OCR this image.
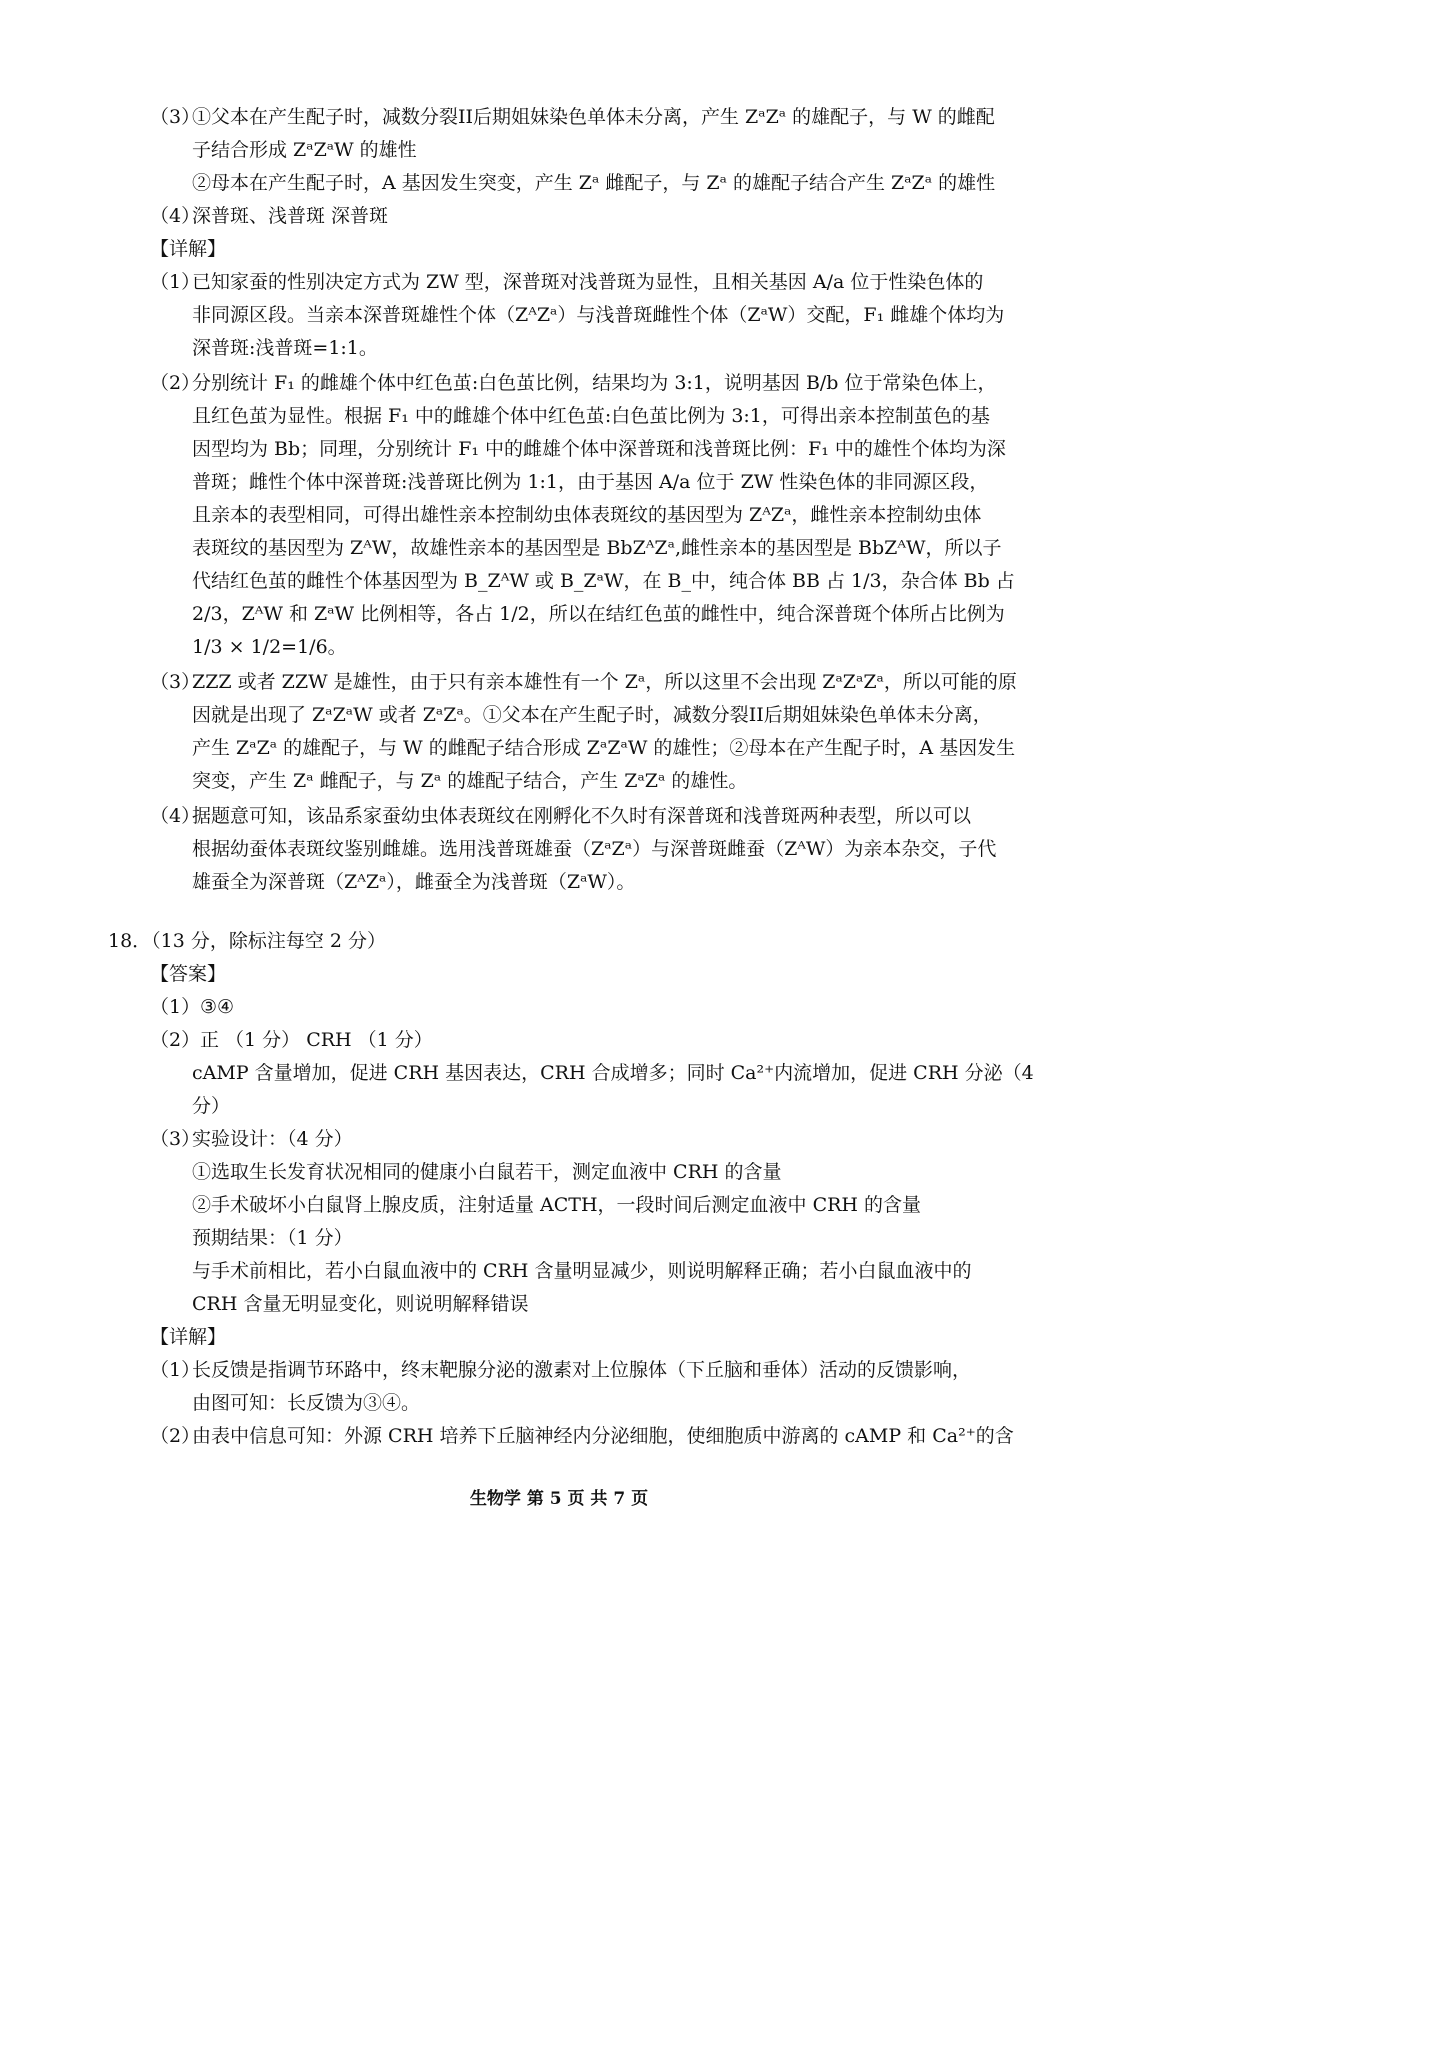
（3）
①父本在产生配子时，减数分裂II后期姐妹染色单体未分离，产生 ZᵃZᵃ 的雄配子，与 W 的雌配
子结合形成 ZᵃZᵃW 的雄性
②母本在产生配子时，A 基因发生突变，产生 Zᵃ 雌配子，与 Zᵃ 的雄配子结合产生 ZᵃZᵃ 的雄性
（4）
深普斑、浅普斑 深普斑
【详解】
（1）
已知家蚕的性别决定方式为 ZW 型，深普斑对浅普斑为显性，且相关基因 A/a 位于性染色体的
非同源区段。当亲本深普斑雄性个体（ZᴬZᵃ）与浅普斑雌性个体（ZᵃW）交配，F₁ 雌雄个体均为
深普斑:浅普斑=1:1。
（2）
分别统计 F₁ 的雌雄个体中红色茧:白色茧比例，结果均为 3:1，说明基因 B/b 位于常染色体上，
且红色茧为显性。根据 F₁ 中的雌雄个体中红色茧:白色茧比例为 3:1，可得出亲本控制茧色的基
因型均为 Bb；同理，分别统计 F₁ 中的雌雄个体中深普斑和浅普斑比例：F₁ 中的雄性个体均为深
普斑；雌性个体中深普斑:浅普斑比例为 1:1，由于基因 A/a 位于 ZW 性染色体的非同源区段，
且亲本的表型相同，可得出雄性亲本控制幼虫体表斑纹的基因型为 ZᴬZᵃ，雌性亲本控制幼虫体
表斑纹的基因型为 ZᴬW，故雄性亲本的基因型是 BbZᴬZᵃ,雌性亲本的基因型是 BbZᴬW，所以子
代结红色茧的雌性个体基因型为 B_ZᴬW 或 B_ZᵃW，在 B_中，纯合体 BB 占 1/3，杂合体 Bb 占
2/3，ZᴬW 和 ZᵃW 比例相等，各占 1/2，所以在结红色茧的雌性中，纯合深普斑个体所占比例为
1/3 × 1/2=1/6。
（3）
ZZZ 或者 ZZW 是雄性，由于只有亲本雄性有一个 Zᵃ，所以这里不会出现 ZᵃZᵃZᵃ，所以可能的原
因就是出现了 ZᵃZᵃW 或者 ZᵃZᵃ。①父本在产生配子时，减数分裂II后期姐妹染色单体未分离，
产生 ZᵃZᵃ 的雄配子，与 W 的雌配子结合形成 ZᵃZᵃW 的雄性；②母本在产生配子时，A 基因发生
突变，产生 Zᵃ 雌配子，与 Zᵃ 的雄配子结合，产生 ZᵃZᵃ 的雄性。
（4）
据题意可知，该品系家蚕幼虫体表斑纹在刚孵化不久时有深普斑和浅普斑两种表型，所以可以
根据幼蚕体表斑纹鉴别雌雄。选用浅普斑雄蚕（ZᵃZᵃ）与深普斑雌蚕（ZᴬW）为亲本杂交，子代
雄蚕全为深普斑（ZᴬZᵃ），雌蚕全为浅普斑（ZᵃW）。
18．（13 分，除标注每空 2 分）
【答案】
（1） ③④
（2） 正 （1 分） CRH （1 分）
cAMP 含量增加，促进 CRH 基因表达，CRH 合成增多；同时 Ca²⁺内流增加，促进 CRH 分泌（4
分）
（3）
实验设计：（4 分）
①选取生长发育状况相同的健康小白鼠若干，测定血液中 CRH 的含量
②手术破坏小白鼠肾上腺皮质，注射适量 ACTH，一段时间后测定血液中 CRH 的含量
预期结果：（1 分）
与手术前相比，若小白鼠血液中的 CRH 含量明显减少，则说明解释正确；若小白鼠血液中的
CRH 含量无明显变化，则说明解释错误
【详解】
（1）
长反馈是指调节环路中，终末靶腺分泌的激素对上位腺体（下丘脑和垂体）活动的反馈影响，
由图可知：长反馈为③④。
（2）
由表中信息可知：外源 CRH 培养下丘脑神经内分泌细胞，使细胞质中游离的 cAMP 和 Ca²⁺的含
生物学 第 5 页 共 7 页
